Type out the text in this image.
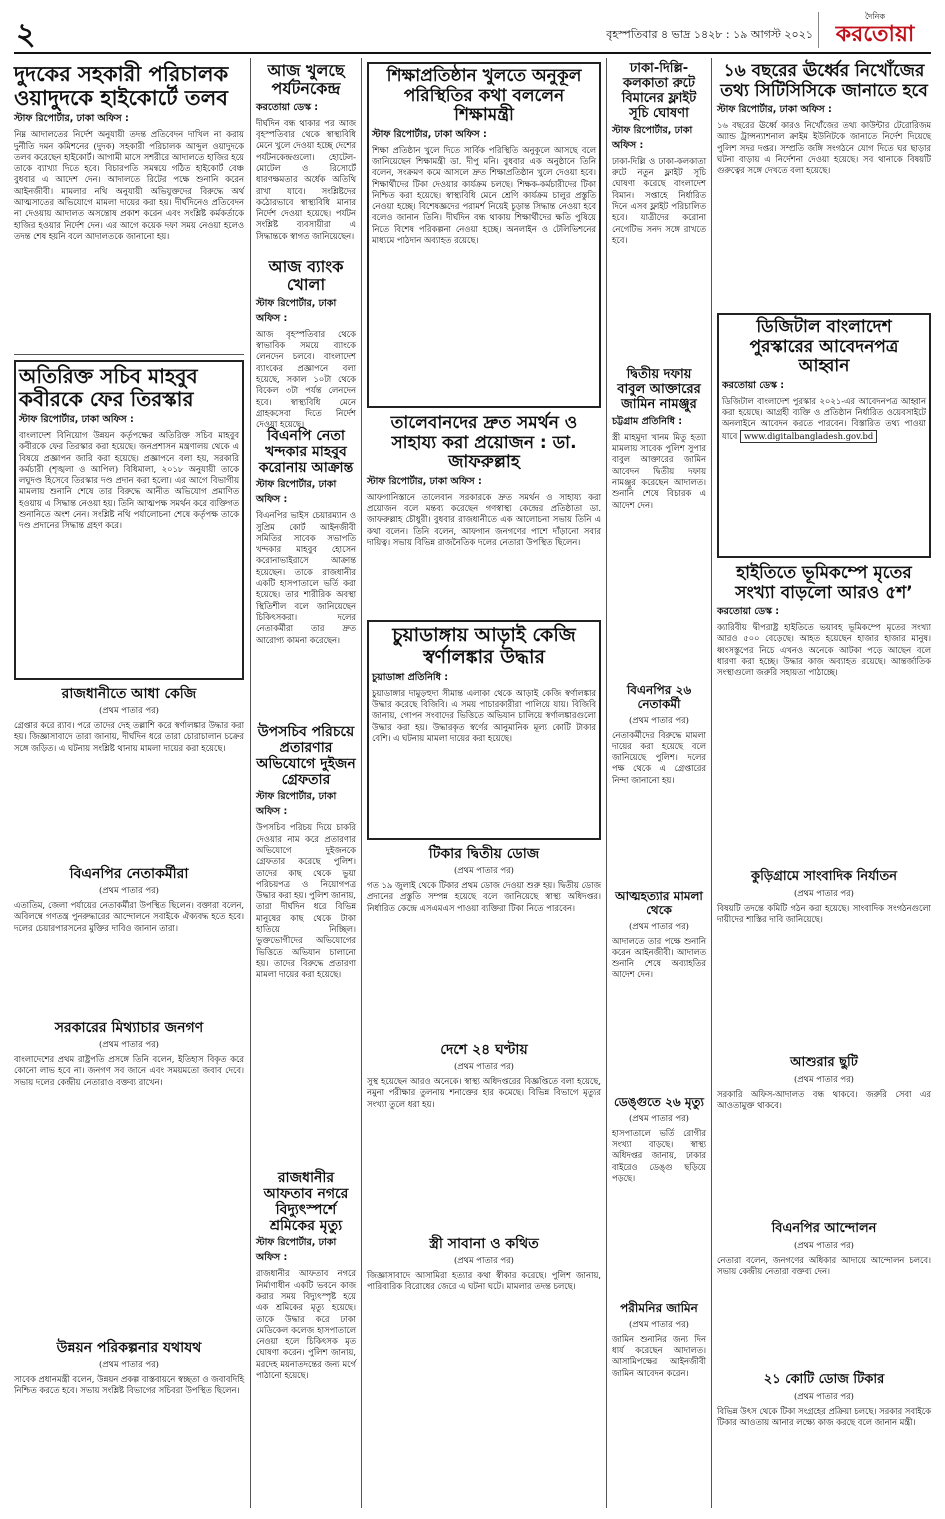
২	বৃহস্পতিবার ৪ ভাদ্র ১৪২৮ : ১৯ আগস্ট ২০২১
দৈনিক
করতোয়া
দুদকের সহকারী পরিচালক ওয়াদুদকে হাইকোর্টে তলব

স্টাফ রিপোর্টার, ঢাকা অফিস :

নিম্ন আদালতের নির্দেশ অনুযায়ী তদন্ত প্রতিবেদন দাখিল না করায় দুর্নীতি দমন কমিশনের (দুদক) সহকারী পরিচালক আব্দুল ওয়াদুদকে তলব করেছেন হাইকোর্ট। আগামী মাসে সশরীরে আদালতে হাজির হয়ে তাকে ব্যাখ্যা দিতে হবে। বিচারপতি সমন্বয়ে গঠিত হাইকোর্ট বেঞ্চ বুধবার এ আদেশ দেন। আদালতে রিটের পক্ষে শুনানি করেন আইনজীবী। মামলার নথি অনুযায়ী অভিযুক্তদের বিরুদ্ধে অর্থ আত্মসাতের অভিযোগে মামলা দায়ের করা হয়। দীর্ঘদিনেও প্রতিবেদন না দেওয়ায় আদালত অসন্তোষ প্রকাশ করেন এবং সংশ্লিষ্ট কর্মকর্তাকে হাজির হওয়ার নির্দেশ দেন। এর আগে কয়েক দফা সময় নেওয়া হলেও তদন্ত শেষ হয়নি বলে আদালতকে জানানো হয়।

অতিরিক্ত সচিব মাহবুব কবীরকে ফের তিরস্কার

স্টাফ রিপোর্টার, ঢাকা অফিস :

বাংলাদেশ বিনিয়োগ উন্নয়ন কর্তৃপক্ষের অতিরিক্ত সচিব মাহবুব কবীরকে ফের তিরস্কার করা হয়েছে। জনপ্রশাসন মন্ত্রণালয় থেকে এ বিষয়ে প্রজ্ঞাপন জারি করা হয়েছে। প্রজ্ঞাপনে বলা হয়, সরকারি কর্মচারী (শৃঙ্খলা ও আপিল) বিধিমালা, ২০১৮ অনুযায়ী তাকে লঘুদণ্ড হিসেবে তিরস্কার দণ্ড প্রদান করা হলো। এর আগে বিভাগীয় মামলায় শুনানি শেষে তার বিরুদ্ধে আনীত অভিযোগ প্রমাণিত হওয়ায় এ সিদ্ধান্ত নেওয়া হয়। তিনি আত্মপক্ষ সমর্থন করে ব্যক্তিগত শুনানিতে অংশ নেন। সংশ্লিষ্ট নথি পর্যালোচনা শেষে কর্তৃপক্ষ তাকে দণ্ড প্রদানের সিদ্ধান্ত গ্রহণ করে।

রাজধানীতে আধা কেজি

(প্রথম পাতার পর)

গ্রেপ্তার করে র‌্যাব। পরে তাদের দেহ তল্লাশি করে স্বর্ণালঙ্কার উদ্ধার করা হয়। জিজ্ঞাসাবাদে তারা জানায়, দীর্ঘদিন ধরে তারা চোরাচালান চক্রের সঙ্গে জড়িত। এ ঘটনায় সংশ্লিষ্ট থানায় মামলা দায়ের করা হয়েছে।

বিএনপির নেতাকর্মীরা

(প্রথম পাতার পর)

এতাতিম, জেলা পর্যায়ের নেতাকর্মীরা উপস্থিত ছিলেন। বক্তারা বলেন, অবিলম্বে গণতন্ত্র পুনরুদ্ধারের আন্দোলনে সবাইকে ঐক্যবদ্ধ হতে হবে। দলের চেয়ারপারসনের মুক্তির দাবিও জানান তারা।

সরকারের মিথ্যাচার জনগণ

(প্রথম পাতার পর)

বাংলাদেশের প্রথম রাষ্ট্রপতি প্রসঙ্গে তিনি বলেন, ইতিহাস বিকৃত করে কোনো লাভ হবে না। জনগণ সব জানে এবং সময়মতো জবাব দেবে। সভায় দলের কেন্দ্রীয় নেতারাও বক্তব্য রাখেন।

উন্নয়ন পরিকল্পনার যথাযথ

(প্রথম পাতার পর)

সাবেক প্রধানমন্ত্রী বলেন, উন্নয়ন প্রকল্প বাস্তবায়নে স্বচ্ছতা ও জবাবদিহি নিশ্চিত করতে হবে। সভায় সংশ্লিষ্ট বিভাগের সচিবরা উপস্থিত ছিলেন।

আজ খুলছে পর্যটনকেন্দ্র

করতোয়া ডেস্ক :

দীর্ঘদিন বন্ধ থাকার পর আজ বৃহস্পতিবার থেকে স্বাস্থ্যবিধি মেনে খুলে দেওয়া হচ্ছে দেশের পর্যটনকেন্দ্রগুলো। হোটেল-মোটেল ও রিসোর্টে ধারণক্ষমতার অর্ধেক অতিথি রাখা যাবে। সংশ্লিষ্টদের কঠোরভাবে স্বাস্থ্যবিধি মানার নির্দেশ দেওয়া হয়েছে। পর্যটন সংশ্লিষ্ট ব্যবসায়ীরা এ সিদ্ধান্তকে স্বাগত জানিয়েছেন।

আজ ব্যাংক খোলা

স্টাফ রিপোর্টার, ঢাকা অফিস :

আজ বৃহস্পতিবার থেকে স্বাভাবিক সময়ে ব্যাংকে লেনদেন চলবে। বাংলাদেশ ব্যাংকের প্রজ্ঞাপনে বলা হয়েছে, সকাল ১০টা থেকে বিকেল ৩টা পর্যন্ত লেনদেন হবে। স্বাস্থ্যবিধি মেনে গ্রাহকসেবা দিতে নির্দেশ দেওয়া হয়েছে।

বিএনপি নেতা খন্দকার মাহবুব করোনায় আক্রান্ত

স্টাফ রিপোর্টার, ঢাকা অফিস :

বিএনপির ভাইস চেয়ারম্যান ও সুপ্রিম কোর্ট আইনজীবী সমিতির সাবেক সভাপতি খন্দকার মাহবুব হোসেন করোনাভাইরাসে আক্রান্ত হয়েছেন। তাকে রাজধানীর একটি হাসপাতালে ভর্তি করা হয়েছে। তার শারীরিক অবস্থা স্থিতিশীল বলে জানিয়েছেন চিকিৎসকরা। দলের নেতাকর্মীরা তার দ্রুত আরোগ্য কামনা করেছেন।

উপসচিব পরিচয়ে প্রতারণার অভিযোগে দুইজন গ্রেফতার

স্টাফ রিপোর্টার, ঢাকা অফিস :

উপসচিব পরিচয় দিয়ে চাকরি দেওয়ার নাম করে প্রতারণার অভিযোগে দুইজনকে গ্রেফতার করেছে পুলিশ। তাদের কাছ থেকে ভুয়া পরিচয়পত্র ও নিয়োগপত্র উদ্ধার করা হয়। পুলিশ জানায়, তারা দীর্ঘদিন ধরে বিভিন্ন মানুষের কাছ থেকে টাকা হাতিয়ে নিচ্ছিল। ভুক্তভোগীদের অভিযোগের ভিত্তিতে অভিযান চালানো হয়। তাদের বিরুদ্ধে প্রতারণা মামলা দায়ের করা হয়েছে।

রাজধানীর আফতাব নগরে বিদ্যুৎস্পর্শে শ্রমিকের মৃত্যু

স্টাফ রিপোর্টার, ঢাকা অফিস :

রাজধানীর আফতাব নগরে নির্মাণাধীন একটি ভবনে কাজ করার সময় বিদ্যুৎস্পৃষ্ট হয়ে এক শ্রমিকের মৃত্যু হয়েছে। তাকে উদ্ধার করে ঢাকা মেডিকেল কলেজ হাসপাতালে নেওয়া হলে চিকিৎসক মৃত ঘোষণা করেন। পুলিশ জানায়, মরদেহ ময়নাতদন্তের জন্য মর্গে পাঠানো হয়েছে।

শিক্ষাপ্রতিষ্ঠান খুলতে অনুকূল পরিস্থিতির কথা বললেন শিক্ষামন্ত্রী

স্টাফ রিপোর্টার, ঢাকা অফিস :

শিক্ষা প্রতিষ্ঠান খুলে দিতে সার্বিক পরিস্থিতি অনুকূলে আসছে বলে জানিয়েছেন শিক্ষামন্ত্রী ডা. দীপু মনি। বুধবার এক অনুষ্ঠানে তিনি বলেন, সংক্রমণ কমে আসলে দ্রুত শিক্ষাপ্রতিষ্ঠান খুলে দেওয়া হবে। শিক্ষার্থীদের টিকা দেওয়ার কার্যক্রম চলছে। শিক্ষক-কর্মচারীদের টিকা নিশ্চিত করা হয়েছে। স্বাস্থ্যবিধি মেনে শ্রেণি কার্যক্রম চালুর প্রস্তুতি নেওয়া হচ্ছে। বিশেষজ্ঞদের পরামর্শ নিয়েই চূড়ান্ত সিদ্ধান্ত নেওয়া হবে বলেও জানান তিনি। দীর্ঘদিন বন্ধ থাকায় শিক্ষার্থীদের ক্ষতি পুষিয়ে নিতে বিশেষ পরিকল্পনা নেওয়া হচ্ছে। অনলাইন ও টেলিভিশনের মাধ্যমে পাঠদান অব্যাহত রয়েছে।

তালেবানদের দ্রুত সমর্থন ও সাহায্য করা প্রয়োজন : ডা. জাফরুল্লাহ

স্টাফ রিপোর্টার, ঢাকা অফিস :

আফগানিস্তানে তালেবান সরকারকে দ্রুত সমর্থন ও সাহায্য করা প্রয়োজন বলে মন্তব্য করেছেন গণস্বাস্থ্য কেন্দ্রের প্রতিষ্ঠাতা ডা. জাফরুল্লাহ চৌধুরী। বুধবার রাজধানীতে এক আলোচনা সভায় তিনি এ কথা বলেন। তিনি বলেন, আফগান জনগণের পাশে দাঁড়ানো সবার দায়িত্ব। সভায় বিভিন্ন রাজনৈতিক দলের নেতারা উপস্থিত ছিলেন।

চুয়াডাঙ্গায় আড়াই কেজি স্বর্ণালঙ্কার উদ্ধার

চুয়াডাঙ্গা প্রতিনিধি :

চুয়াডাঙ্গার দামুড়হুদা সীমান্ত এলাকা থেকে আড়াই কেজি স্বর্ণালঙ্কার উদ্ধার করেছে বিজিবি। এ সময় পাচারকারীরা পালিয়ে যায়। বিজিবি জানায়, গোপন সংবাদের ভিত্তিতে অভিযান চালিয়ে স্বর্ণালঙ্কারগুলো উদ্ধার করা হয়। উদ্ধারকৃত স্বর্ণের আনুমানিক মূল্য কোটি টাকার বেশি। এ ঘটনায় মামলা দায়ের করা হয়েছে।

টিকার দ্বিতীয় ডোজ

(প্রথম পাতার পর)

গত ১৯ জুলাই থেকে টিকার প্রথম ডোজ দেওয়া শুরু হয়। দ্বিতীয় ডোজ প্রদানের প্রস্তুতি সম্পন্ন হয়েছে বলে জানিয়েছে স্বাস্থ্য অধিদপ্তর। নির্ধারিত কেন্দ্রে এসএমএস পাওয়া ব্যক্তিরা টিকা নিতে পারবেন।

দেশে ২৪ ঘণ্টায়

(প্রথম পাতার পর)

সুস্থ হয়েছেন আরও অনেকে। স্বাস্থ্য অধিদপ্তরের বিজ্ঞপ্তিতে বলা হয়েছে, নমুনা পরীক্ষার তুলনায় শনাক্তের হার কমেছে। বিভিন্ন বিভাগে মৃত্যুর সংখ্যা তুলে ধরা হয়।

স্ত্রী সাবানা ও কথিত

(প্রথম পাতার পর)

জিজ্ঞাসাবাদে আসামিরা হত্যার কথা স্বীকার করেছে। পুলিশ জানায়, পারিবারিক বিরোধের জেরে এ ঘটনা ঘটে। মামলার তদন্ত চলছে।

ঢাকা-দিল্লি-কলকাতা রুটে বিমানের ফ্লাইট সূচি ঘোষণা

স্টাফ রিপোর্টার, ঢাকা অফিস :

ঢাকা-দিল্লি ও ঢাকা-কলকাতা রুটে নতুন ফ্লাইট সূচি ঘোষণা করেছে বাংলাদেশ বিমান। সপ্তাহে নির্ধারিত দিনে এসব ফ্লাইট পরিচালিত হবে। যাত্রীদের করোনা নেগেটিভ সনদ সঙ্গে রাখতে হবে।

দ্বিতীয় দফায় বাবুল আক্তারের জামিন নামঞ্জুর

চট্টগ্রাম প্রতিনিধি :

স্ত্রী মাহমুদা খানম মিতু হত্যা মামলায় সাবেক পুলিশ সুপার বাবুল আক্তারের জামিন আবেদন দ্বিতীয় দফায় নামঞ্জুর করেছেন আদালত। শুনানি শেষে বিচারক এ আদেশ দেন।

বিএনপির ২৬ নেতাকর্মী

(প্রথম পাতার পর)

নেতাকর্মীদের বিরুদ্ধে মামলা দায়ের করা হয়েছে বলে জানিয়েছে পুলিশ। দলের পক্ষ থেকে এ গ্রেপ্তারের নিন্দা জানানো হয়।

আত্মহত্যার মামলা থেকে

(প্রথম পাতার পর)

আদালতে তার পক্ষে শুনানি করেন আইনজীবী। আদালত শুনানি শেষে অব্যাহতির আদেশ দেন।

ডেঙ্গুতে ২৬ মৃত্যু

(প্রথম পাতার পর)

হাসপাতালে ভর্তি রোগীর সংখ্যা বাড়ছে। স্বাস্থ্য অধিদপ্তর জানায়, ঢাকার বাইরেও ডেঙ্গু ছড়িয়ে পড়ছে।

পরীমনির জামিন

(প্রথম পাতার পর)

জামিন শুনানির জন্য দিন ধার্য করেছেন আদালত। আসামিপক্ষের আইনজীবী জামিন আবেদন করেন।

১৬ বছরের ঊর্ধ্বের নিখোঁজের তথ্য সিটিসিসিকে জানাতে হবে

স্টাফ রিপোর্টার, ঢাকা অফিস :

১৬ বছরের ঊর্ধ্বে কারও নিখোঁজের তথ্য কাউন্টার টেরোরিজম অ্যান্ড ট্রান্সন্যাশনাল ক্রাইম ইউনিটকে জানাতে নির্দেশ দিয়েছে পুলিশ সদর দপ্তর। সম্প্রতি জঙ্গি সংগঠনে যোগ দিতে ঘর ছাড়ার ঘটনা বাড়ায় এ নির্দেশনা দেওয়া হয়েছে। সব থানাকে বিষয়টি গুরুত্বের সঙ্গে দেখতে বলা হয়েছে।

ডিজিটাল বাংলাদেশ পুরস্কারের আবেদনপত্র আহ্বান

করতোয়া ডেস্ক :

ডিজিটাল বাংলাদেশ পুরস্কার ২০২১-এর আবেদনপত্র আহ্বান করা হয়েছে। আগ্রহী ব্যক্তি ও প্রতিষ্ঠান নির্ধারিত ওয়েবসাইটে অনলাইনে আবেদন করতে পারবেন। বিস্তারিত তথ্য পাওয়া যাবে www.digitalbangladesh.gov.bd

হাইতিতে ভূমিকম্পে মৃতের সংখ্যা বাড়লো আরও ৫শ’

করতোয়া ডেস্ক :

ক্যারিবীয় দ্বীপরাষ্ট্র হাইতিতে ভয়াবহ ভূমিকম্পে মৃতের সংখ্যা আরও ৫০০ বেড়েছে। আহত হয়েছেন হাজার হাজার মানুষ। ধ্বংসস্তূপের নিচে এখনও অনেকে আটকা পড়ে আছেন বলে ধারণা করা হচ্ছে। উদ্ধার কাজ অব্যাহত রয়েছে। আন্তর্জাতিক সংস্থাগুলো জরুরি সহায়তা পাঠাচ্ছে।

কুড়িগ্রামে সাংবাদিক নির্যাতন

(প্রথম পাতার পর)

বিষয়টি তদন্তে কমিটি গঠন করা হয়েছে। সাংবাদিক সংগঠনগুলো দায়ীদের শাস্তির দাবি জানিয়েছে।

আশুরার ছুটি

(প্রথম পাতার পর)

সরকারি অফিস-আদালত বন্ধ থাকবে। জরুরি সেবা এর আওতামুক্ত থাকবে।

বিএনপির আন্দোলন

(প্রথম পাতার পর)

নেতারা বলেন, জনগণের অধিকার আদায়ে আন্দোলন চলবে। সভায় কেন্দ্রীয় নেতারা বক্তব্য দেন।

২১ কোটি ডোজ টিকার

(প্রথম পাতার পর)

বিভিন্ন উৎস থেকে টিকা সংগ্রহের প্রক্রিয়া চলছে। সরকার সবাইকে টিকার আওতায় আনার লক্ষ্যে কাজ করছে বলে জানান মন্ত্রী।
